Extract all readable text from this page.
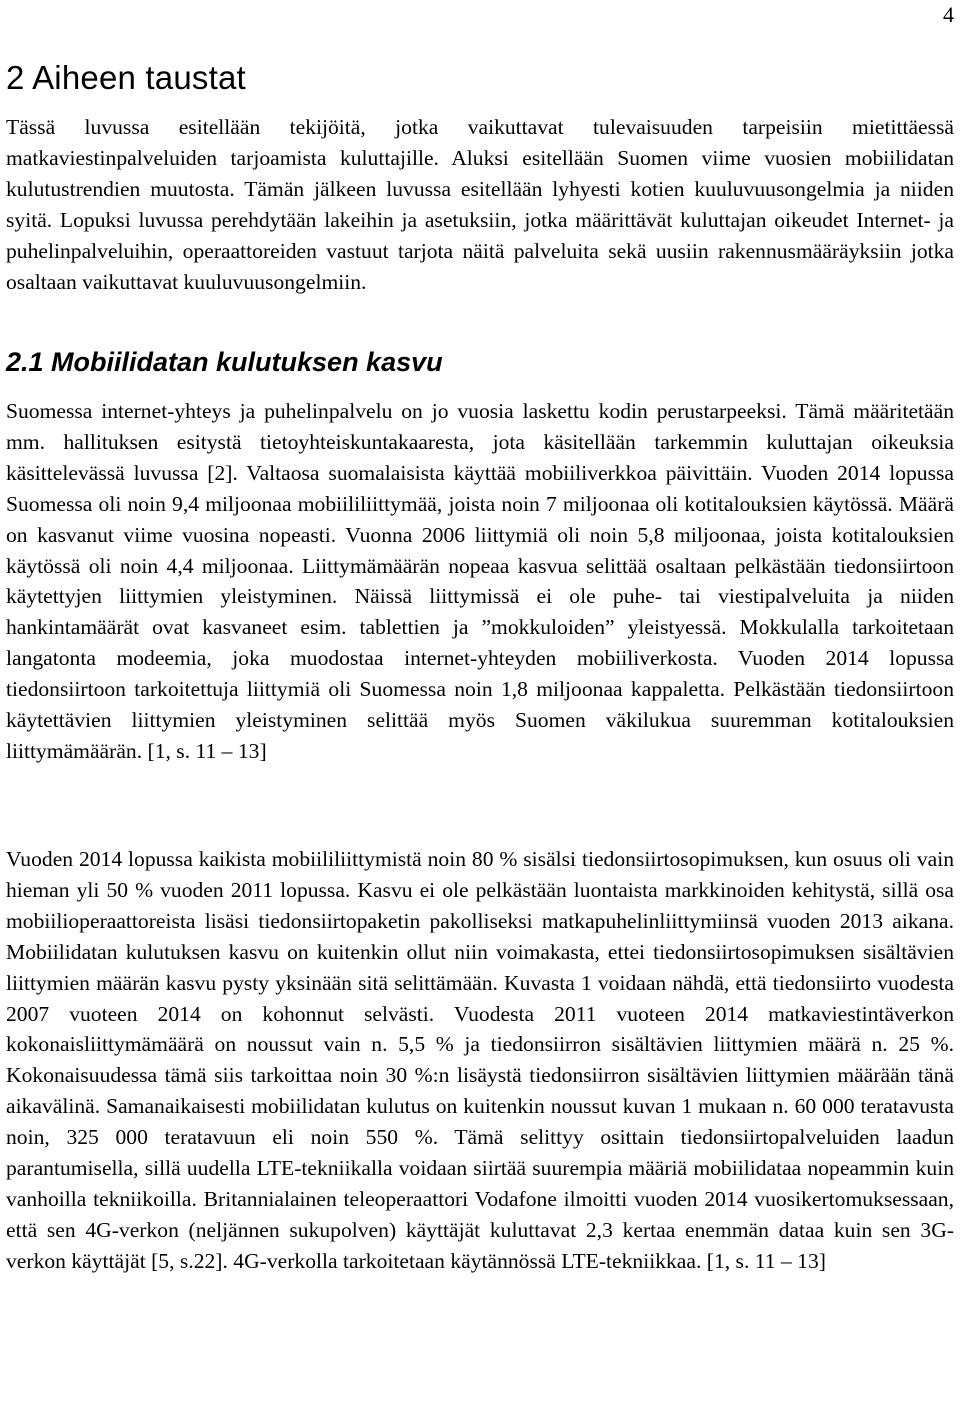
4
2 Aiheen taustat

Tässä luvussa esitellään tekijöitä, jotka vaikuttavat tulevaisuuden tarpeisiin mietittäessä matkaviestinpalveluiden tarjoamista kuluttajille. Aluksi esitellään Suomen viime vuosien mobiilidatan kulutustrendien muutosta. Tämän jälkeen luvussa esitellään lyhyesti kotien kuuluvuusongelmia ja niiden syitä. Lopuksi luvussa perehdytään lakeihin ja asetuksiin, jotka määrittävät kuluttajan oikeudet Internet- ja puhelinpalveluihin, operaattoreiden vastuut tarjota näitä palveluita sekä uusiin rakennusmääräyksiin jotka osaltaan vaikuttavat kuuluvuusongelmiin.

2.1 Mobiilidatan kulutuksen kasvu

Suomessa internet-yhteys ja puhelinpalvelu on jo vuosia laskettu kodin perustarpeeksi. Tämä määritetään mm. hallituksen esitystä tietoyhteiskuntakaaresta, jota käsitellään tarkemmin kuluttajan oikeuksia käsittelevässä luvussa [2]. Valtaosa suomalaisista käyttää mobiiliverkkoa päivittäin. Vuoden 2014 lopussa Suomessa oli noin 9,4 miljoonaa mobiililiittymää, joista noin 7 miljoonaa oli kotitalouksien käytössä. Määrä on kasvanut viime vuosina nopeasti. Vuonna 2006 liittymiä oli noin 5,8 miljoonaa, joista kotitalouksien käytössä oli noin 4,4 miljoonaa. Liittymämäärän nopeaa kasvua selittää osaltaan pelkästään tiedonsiirtoon käytettyjen liittymien yleistyminen. Näissä liittymissä ei ole puhe- tai viestipalveluita ja niiden hankintamäärät ovat kasvaneet esim. tablettien ja ”mokkuloiden” yleistyessä. Mokkulalla tarkoitetaan langatonta modeemia, joka muodostaa internet-yhteyden mobiiliverkosta. Vuoden 2014 lopussa tiedonsiirtoon tarkoitettuja liittymiä oli Suomessa noin 1,8 miljoonaa kappaletta. Pelkästään tiedonsiirtoon käytettävien liittymien yleistyminen selittää myös Suomen väkilukua suuremman kotitalouksien liittymämäärän. [1, s. 11 – 13]

Vuoden 2014 lopussa kaikista mobiililiittymistä noin 80 % sisälsi tiedonsiirtosopimuksen, kun osuus oli vain hieman yli 50 % vuoden 2011 lopussa. Kasvu ei ole pelkästään luontaista markkinoiden kehitystä, sillä osa mobiilioperaattoreista lisäsi tiedonsiirtopaketin pakolliseksi matkapuhelinliittymiinsä vuoden 2013 aikana. Mobiilidatan kulutuksen kasvu on kuitenkin ollut niin voimakasta, ettei tiedonsiirtosopimuksen sisältävien liittymien määrän kasvu pysty yksinään sitä selittämään. Kuvasta 1 voidaan nähdä, että tiedonsiirto vuodesta 2007 vuoteen 2014 on kohonnut selvästi. Vuodesta 2011 vuoteen 2014 matkaviestintäverkon kokonaisliittymämäärä on noussut vain n. 5,5 % ja tiedonsiirron sisältävien liittymien määrä n. 25 %. Kokonaisuudessa tämä siis tarkoittaa noin 30 %:n lisäystä tiedonsiirron sisältävien liittymien määrään tänä aikavälinä. Samanaikaisesti mobiilidatan kulutus on kuitenkin noussut kuvan 1 mukaan n. 60 000 teratavusta noin, 325 000 teratavuun eli noin 550 %. Tämä selittyy osittain tiedonsiirtopalveluiden laadun parantumisella, sillä uudella LTE-tekniikalla voidaan siirtää suurempia määriä mobiilidataa nopeammin kuin vanhoilla tekniikoilla. Britannialainen teleoperaattori Vodafone ilmoitti vuoden 2014 vuosikertomuksessaan, että sen 4G-verkon (neljännen sukupolven) käyttäjät kuluttavat 2,3 kertaa enemmän dataa kuin sen 3G-verkon käyttäjät [5, s.22]. 4G-verkolla tarkoitetaan käytännössä LTE-tekniikkaa. [1, s. 11 – 13]
